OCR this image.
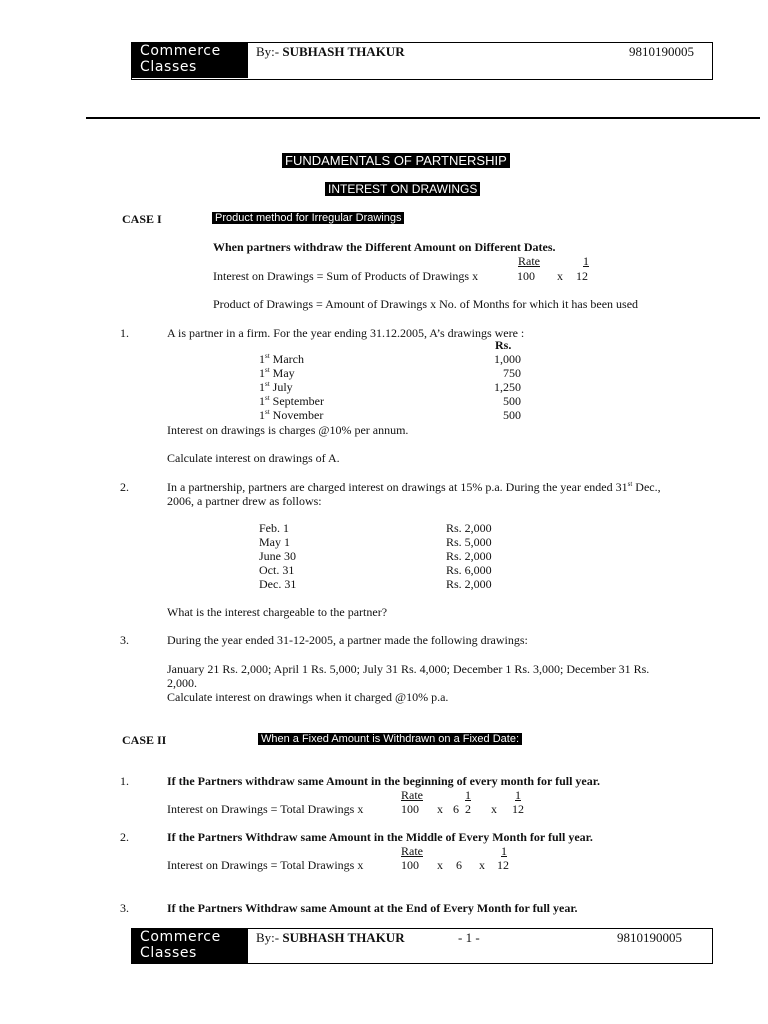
Commerce
Classes
By:- SUBHASH THAKUR	9810190005
FUNDAMENTALS OF PARTNERSHIP
INTEREST ON DRAWINGS
CASE I	Product method for Irregular Drawings
When partners withdraw the Different Amount on Different Dates.
Rate	1
Interest on Drawings = Sum of Products of Drawings x	100 x 12
Product of Drawings = Amount of Drawings x No. of Months for which it has been used
1.	A is partner in a firm. For the year ending 31.12.2005, A’s drawings were :
Rs.
1st March	1,000
1st May	750
1st July	1,250
1st September	500
1st November	500
Interest on drawings is charges @10% per annum.
Calculate interest on drawings of A.
2.	In a partnership, partners are charged interest on drawings at 15% p.a. During the year ended 31st Dec.,
2006, a partner drew as follows:
Feb. 1	Rs. 2,000
May 1	Rs. 5,000
June 30	Rs. 2,000
Oct. 31	Rs. 6,000
Dec. 31	Rs. 2,000
What is the interest chargeable to the partner?
3.	During the year ended 31-12-2005, a partner made the following drawings:
January 21 Rs. 2,000; April 1 Rs. 5,000; July 31 Rs. 4,000; December 1 Rs. 3,000; December 31 Rs.
2,000.
Calculate interest on drawings when it charged @10% p.a.
CASE II	When a Fixed Amount is Withdrawn on a Fixed Date:
1.	If the Partners withdraw same Amount in the beginning of every month for full year.
Rate	1	1
Interest on Drawings = Total Drawings x	100 x 6 2 x 12
2.	If the Partners Withdraw same Amount in the Middle of Every Month for full year.
Rate	1
Interest on Drawings = Total Drawings x	100 x 6 x 12
3.	If the Partners Withdraw same Amount at the End of Every Month for full year.
Commerce
Classes
By:- SUBHASH THAKUR	- 1 -	9810190005
